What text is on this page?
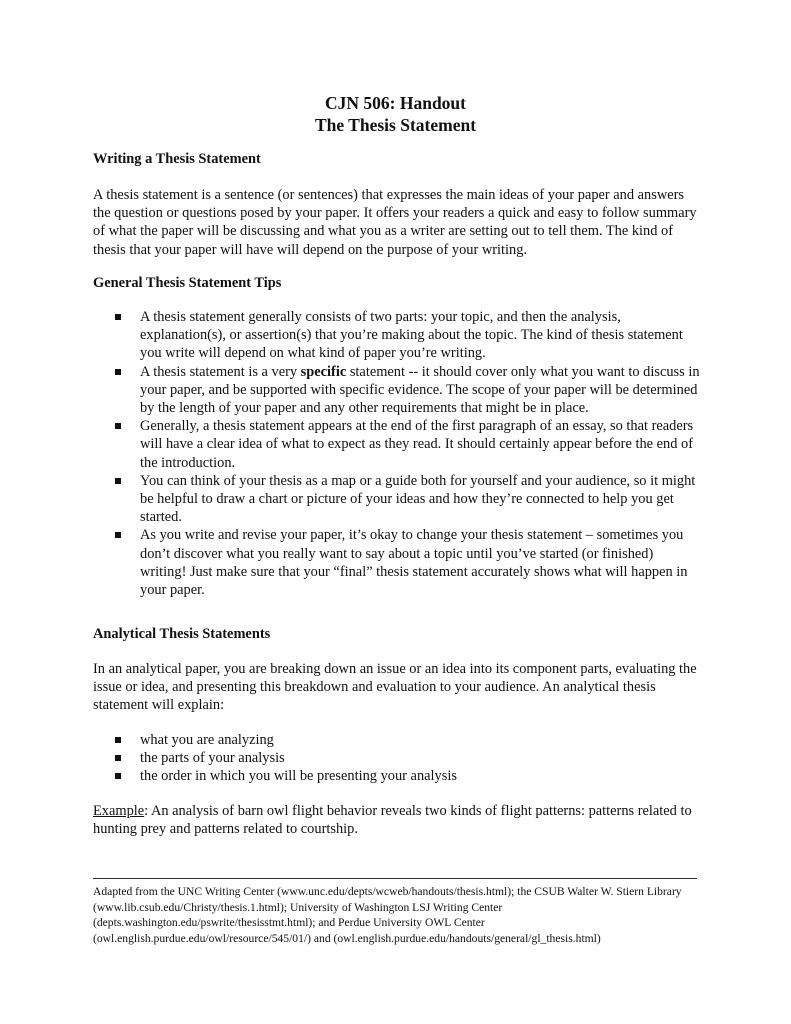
CJN 506: Handout
The Thesis Statement
Writing a Thesis Statement

A thesis statement is a sentence (or sentences) that expresses the main ideas of your paper and answers the question or questions posed by your paper. It offers your readers a quick and easy to follow summary of what the paper will be discussing and what you as a writer are setting out to tell them. The kind of thesis that your paper will have will depend on the purpose of your writing.

General Thesis Statement Tips
A thesis statement generally consists of two parts: your topic, and then the analysis, explanation(s), or assertion(s) that you’re making about the topic. The kind of thesis statement you write will depend on what kind of paper you’re writing.
A thesis statement is a very specific statement -- it should cover only what you want to discuss in your paper, and be supported with specific evidence. The scope of your paper will be determined by the length of your paper and any other requirements that might be in place.
Generally, a thesis statement appears at the end of the first paragraph of an essay, so that readers will have a clear idea of what to expect as they read. It should certainly appear before the end of the introduction.
You can think of your thesis as a map or a guide both for yourself and your audience, so it might be helpful to draw a chart or picture of your ideas and how they’re connected to help you get started.
As you write and revise your paper, it’s okay to change your thesis statement – sometimes you don’t discover what you really want to say about a topic until you’ve started (or finished) writing! Just make sure that your “final” thesis statement accurately shows what will happen in your paper.
Analytical Thesis Statements

In an analytical paper, you are breaking down an issue or an idea into its component parts, evaluating the issue or idea, and presenting this breakdown and evaluation to your audience. An analytical thesis statement will explain:

what you are analyzing
the parts of your analysis
the order in which you will be presenting your analysis

Example: An analysis of barn owl flight behavior reveals two kinds of flight patterns: patterns related to hunting prey and patterns related to courtship.

Adapted from the UNC Writing Center (www.unc.edu/depts/wcweb/handouts/thesis.html); the CSUB Walter W. Stiern Library (www.lib.csub.edu/Christy/thesis.1.html); University of Washington LSJ Writing Center (depts.washington.edu/pswrite/thesisstmt.html); and Perdue University OWL Center (owl.english.purdue.edu/owl/resource/545/01/) and (owl.english.purdue.edu/handouts/general/gl_thesis.html)
